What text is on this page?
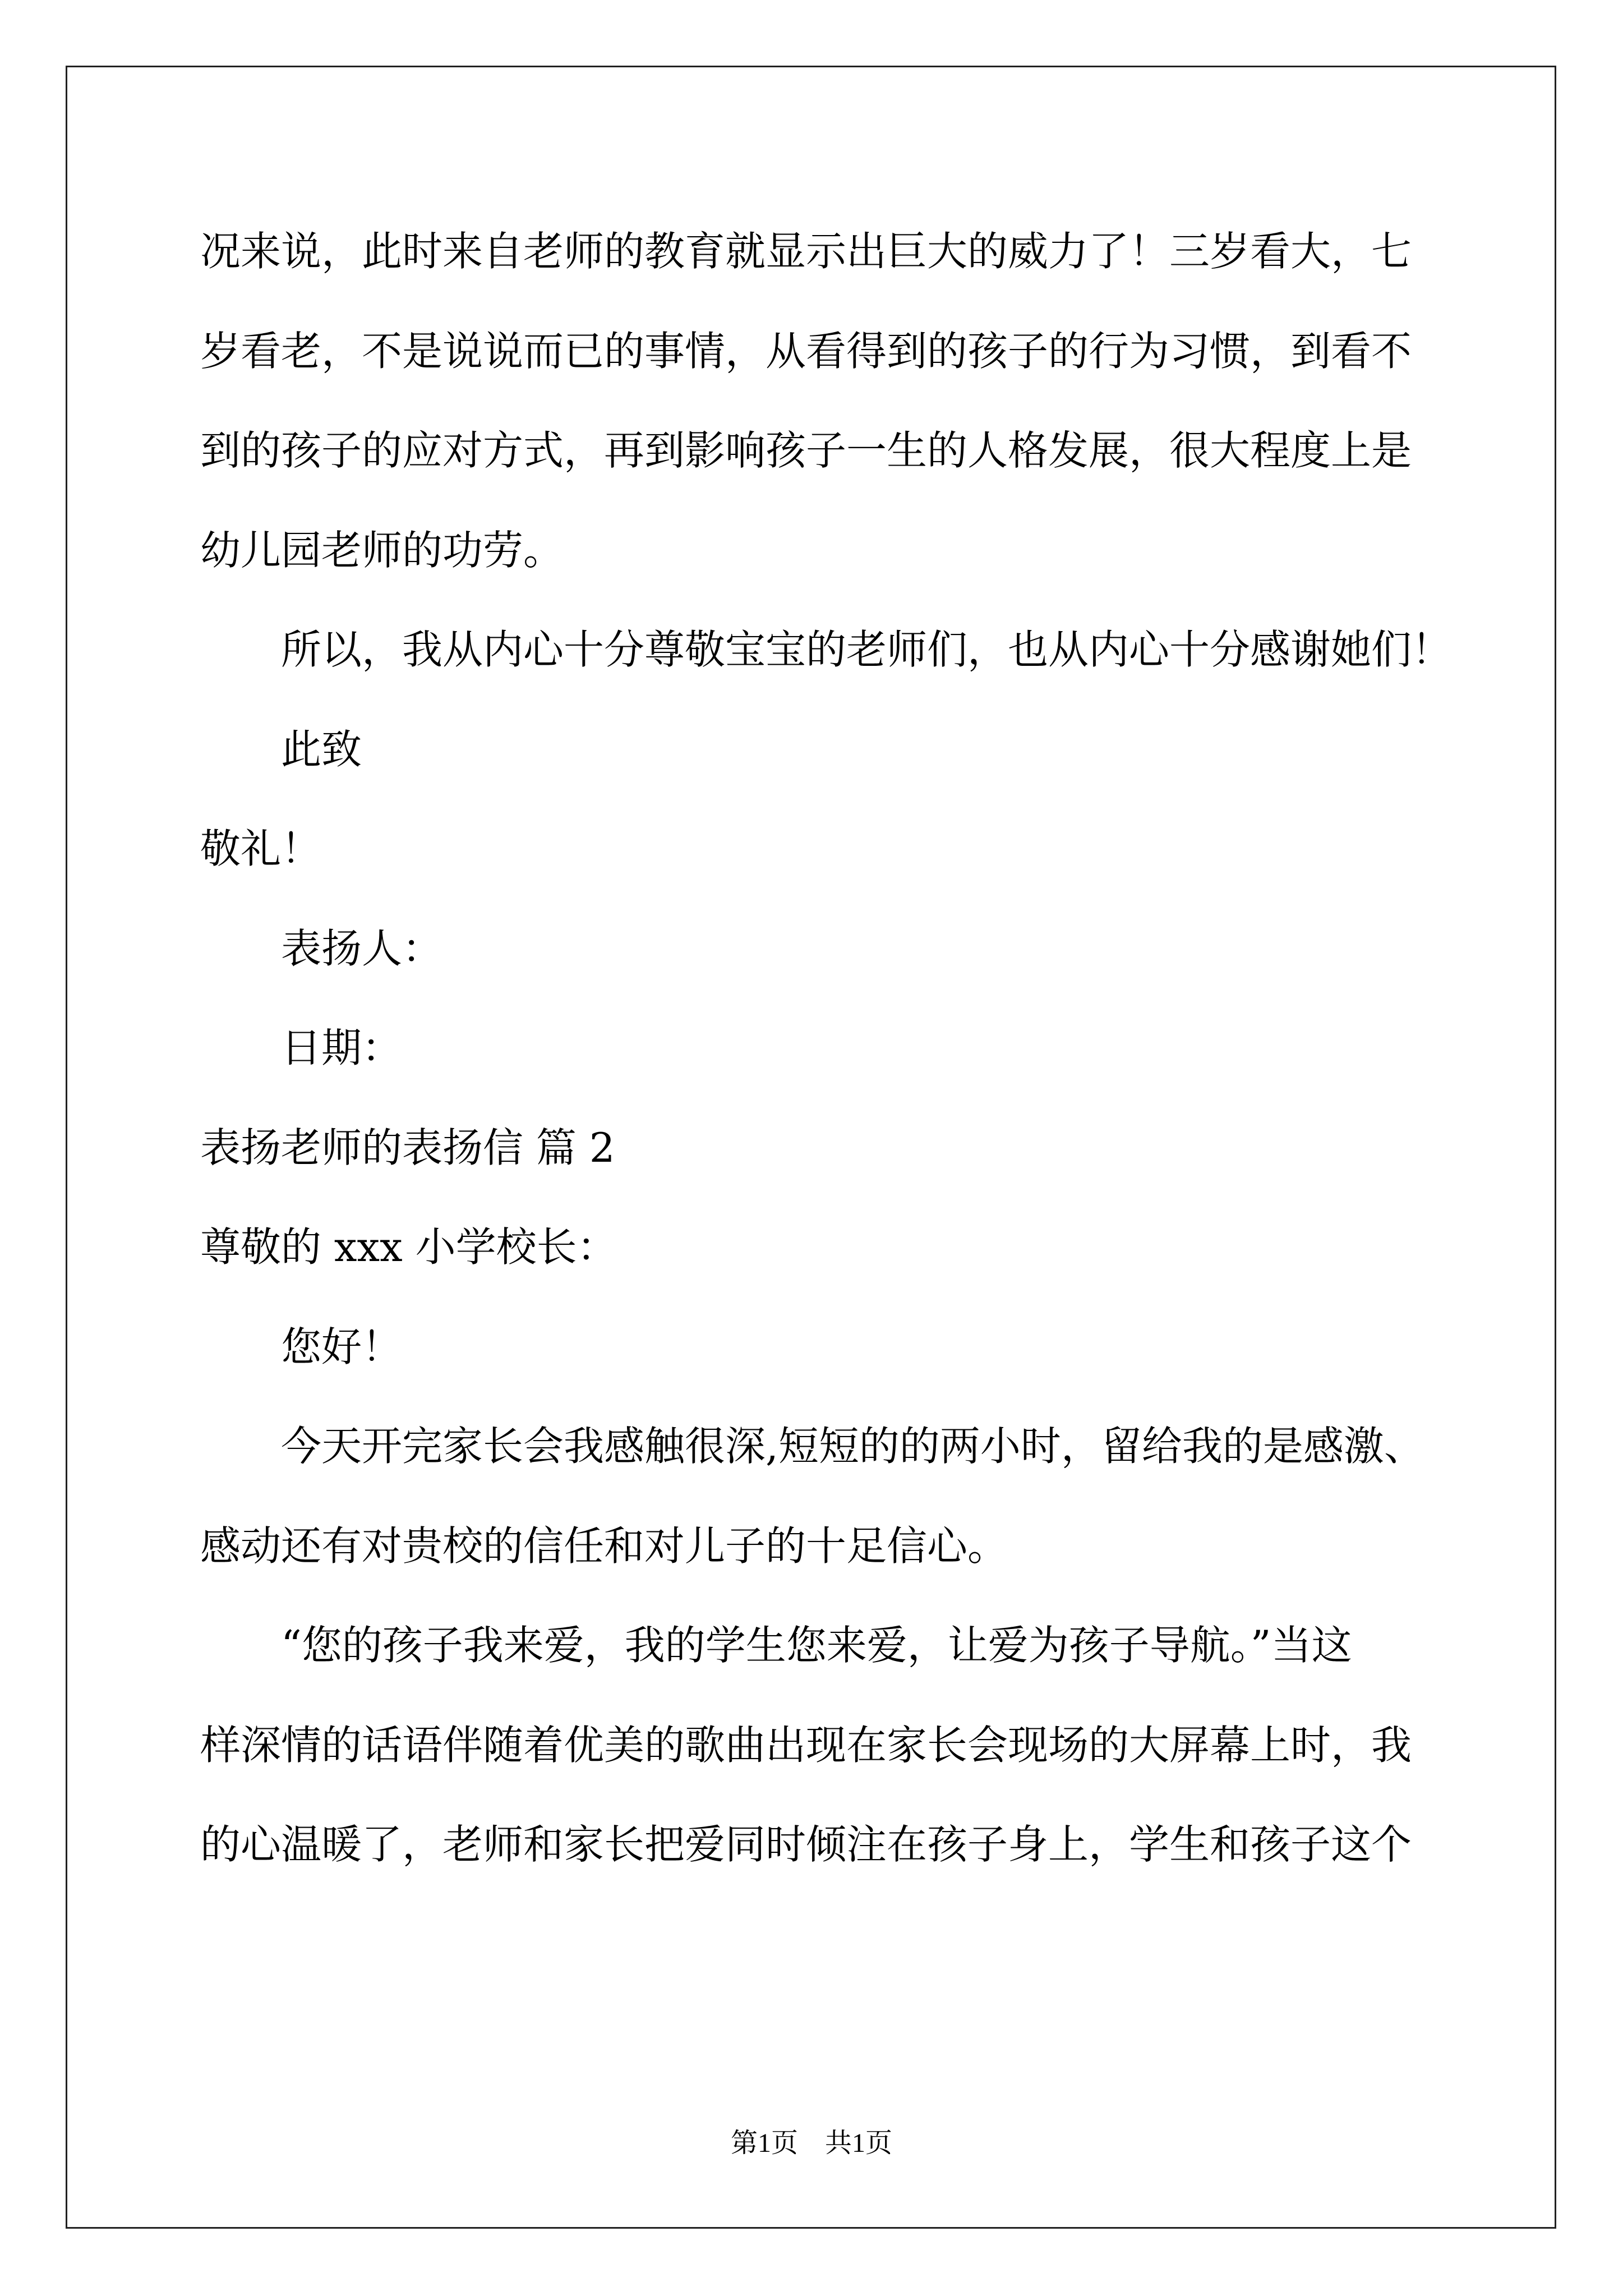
况来说，此时来自老师的教育就显示出巨大的威力了！三岁看大，七
岁看老，不是说说而已的事情，从看得到的孩子的行为习惯，到看不
到的孩子的应对方式，再到影响孩子一生的人格发展，很大程度上是
幼儿园老师的功劳。
所以，我从内心十分尊敬宝宝的老师们，也从内心十分感谢她们！
此致
敬礼！
表扬人：
日期：
表扬老师的表扬信 篇 2
尊敬的 xxx 小学校长：
您好！
今天开完家长会我感触很深,短短的的两小时，留给我的是感激、
感动还有对贵校的信任和对儿子的十足信心。
“您的孩子我来爱，我的学生您来爱，让爱为孩子导航。”当这
样深情的话语伴随着优美的歌曲出现在家长会现场的大屏幕上时，我
的心温暖了，老师和家长把爱同时倾注在孩子身上，学生和孩子这个
第1页 共1页
